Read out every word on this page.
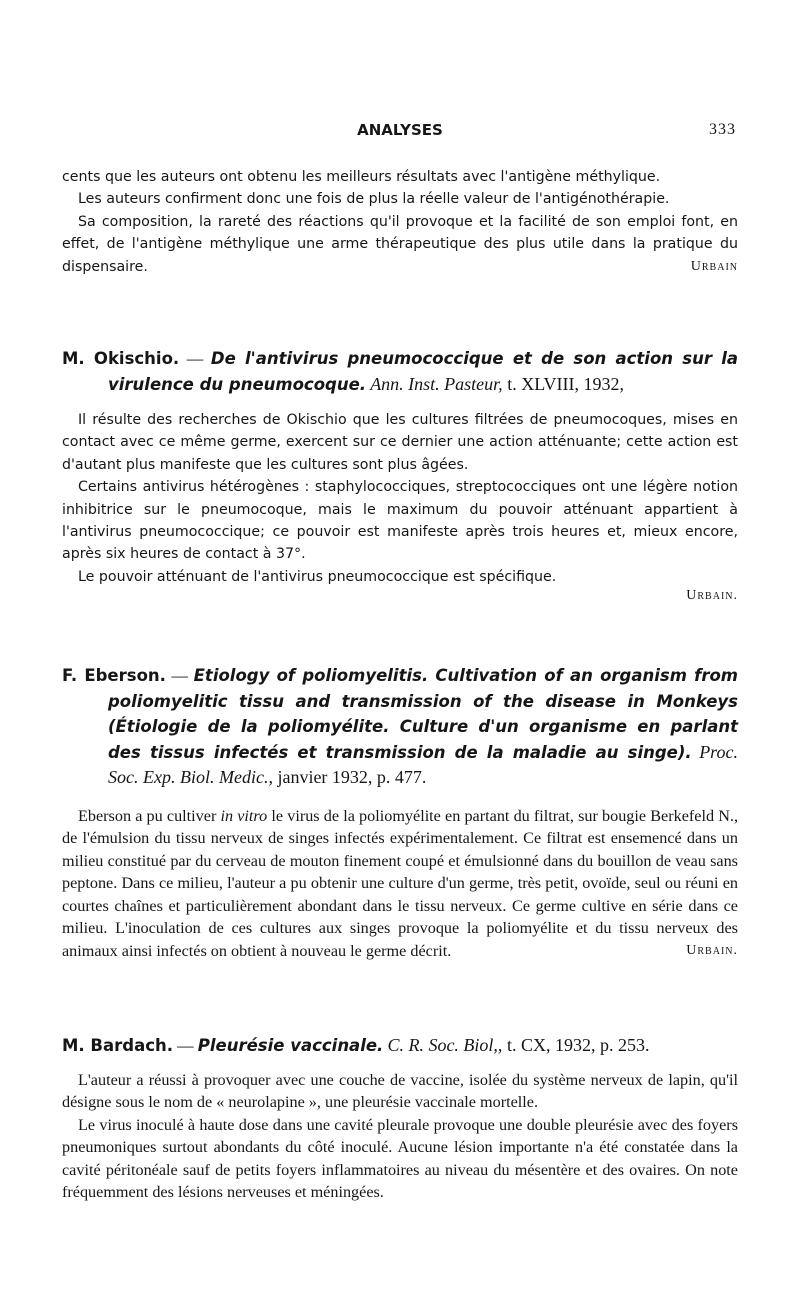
ANALYSES	333

cents que les auteurs ont obtenu les meilleurs résultats avec l'antigène méthylique.

Les auteurs confirment donc une fois de plus la réelle valeur de l'antigénothérapie.

Sa composition, la rareté des réactions qu'il provoque et la facilité de son emploi font, en effet, de l'antigène méthylique une arme thérapeutique des plus utile dans la pratique du dispensaire.	Urbain

M. Okischio. — De l'antivirus pneumococcique et de son action sur la virulence du pneumocoque. Ann. Inst. Pasteur, t. XLVIII, 1932,

Il résulte des recherches de Okischio que les cultures filtrées de pneumocoques, mises en contact avec ce même germe, exercent sur ce dernier une action atténuante; cette action est d'autant plus manifeste que les cultures sont plus âgées.

Certains antivirus hétérogènes : staphylococciques, streptococciques ont une légère notion inhibitrice sur le pneumocoque, mais le maximum du pouvoir atténuant appartient à l'antivirus pneumococcique; ce pouvoir est manifeste après trois heures et, mieux encore, après six heures de contact à 37°.

Le pouvoir atténuant de l'antivirus pneumococcique est spécifique.

Urbain.

F. Eberson. — Etiology of poliomyelitis. Cultivation of an organism from poliomyelitic tissu and transmission of the disease in Monkeys (Étiologie de la poliomyélite. Culture d'un organisme en parlant des tissus infectés et transmission de la maladie au singe). Proc. Soc. Exp. Biol. Medic., janvier 1932, p. 477.

Eberson a pu cultiver in vitro le virus de la poliomyélite en partant du filtrat, sur bougie Berkefeld N., de l'émulsion du tissu nerveux de singes infectés expérimentalement. Ce filtrat est ensemencé dans un milieu constitué par du cerveau de mouton finement coupé et émulsionné dans du bouillon de veau sans peptone. Dans ce milieu, l'auteur a pu obtenir une culture d'un germe, très petit, ovoïde, seul ou réuni en courtes chaînes et particulièrement abondant dans le tissu nerveux. Ce germe cultive en série dans ce milieu. L'inoculation de ces cultures aux singes provoque la poliomyélite et du tissu nerveux des animaux ainsi infectés on obtient à nouveau le germe décrit.	Urbain.

M. Bardach. — Pleurésie vaccinale. C. R. Soc. Biol,, t. CX, 1932, p. 253.

L'auteur a réussi à provoquer avec une couche de vaccine, isolée du système nerveux de lapin, qu'il désigne sous le nom de « neurolapine », une pleurésie vaccinale mortelle.

Le virus inoculé à haute dose dans une cavité pleurale provoque une double pleurésie avec des foyers pneumoniques surtout abondants du côté inoculé. Aucune lésion importante n'a été constatée dans la cavité péritonéale sauf de petits foyers inflammatoires au niveau du mésentère et des ovaires. On note fréquemment des lésions nerveuses et méningées.
